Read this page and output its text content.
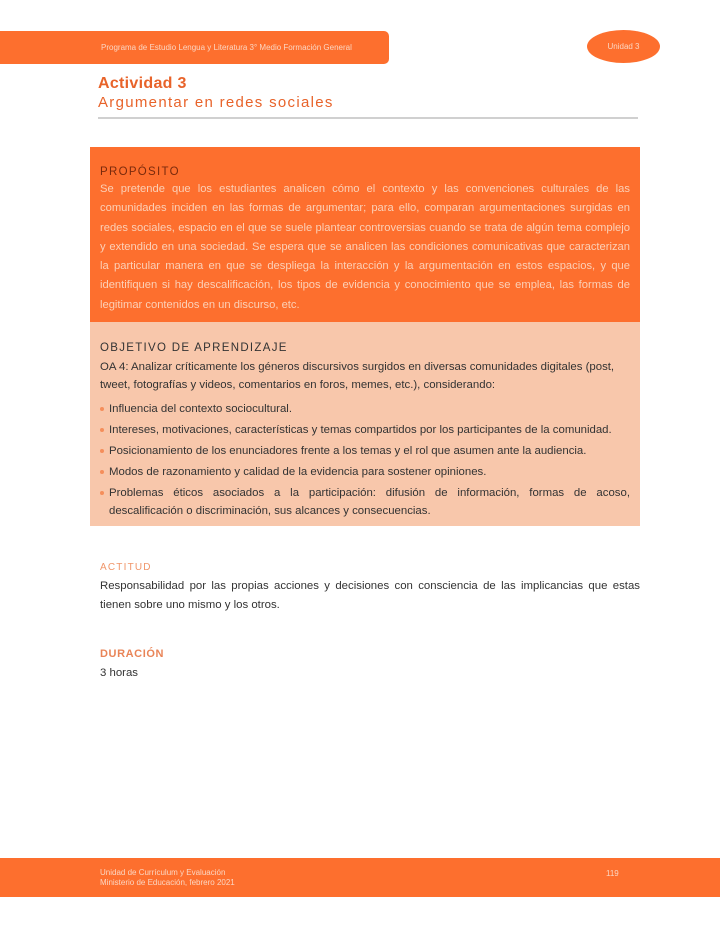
Programa de Estudio Lengua y Literatura 3° Medio Formación General	Unidad 3
Actividad 3
Argumentar en redes sociales
PROPÓSITO

Se pretende que los estudiantes analicen cómo el contexto y las convenciones culturales de las comunidades inciden en las formas de argumentar; para ello, comparan argumentaciones surgidas en redes sociales, espacio en el que se suele plantear controversias cuando se trata de algún tema complejo y extendido en una sociedad. Se espera que se analicen las condiciones comunicativas que caracterizan la particular manera en que se despliega la interacción y la argumentación en estos espacios, y que identifiquen si hay descalificación, los tipos de evidencia y conocimiento que se emplea, las formas de legitimar contenidos en un discurso, etc.

OBJETIVO DE APRENDIZAJE

OA 4: Analizar críticamente los géneros discursivos surgidos en diversas comunidades digitales (post, tweet, fotografías y videos, comentarios en foros, memes, etc.), considerando:

Influencia del contexto sociocultural.
Intereses, motivaciones, características y temas compartidos por los participantes de la comunidad.
Posicionamiento de los enunciadores frente a los temas y el rol que asumen ante la audiencia.
Modos de razonamiento y calidad de la evidencia para sostener opiniones.
Problemas éticos asociados a la participación: difusión de información, formas de acoso, descalificación o discriminación, sus alcances y consecuencias.
ACTITUD

Responsabilidad por las propias acciones y decisiones con consciencia de las implicancias que estas tienen sobre uno mismo y los otros.

DURACIÓN
3 horas
Unidad de Currículum y Evaluación
Ministerio de Educación, febrero 2021
119
